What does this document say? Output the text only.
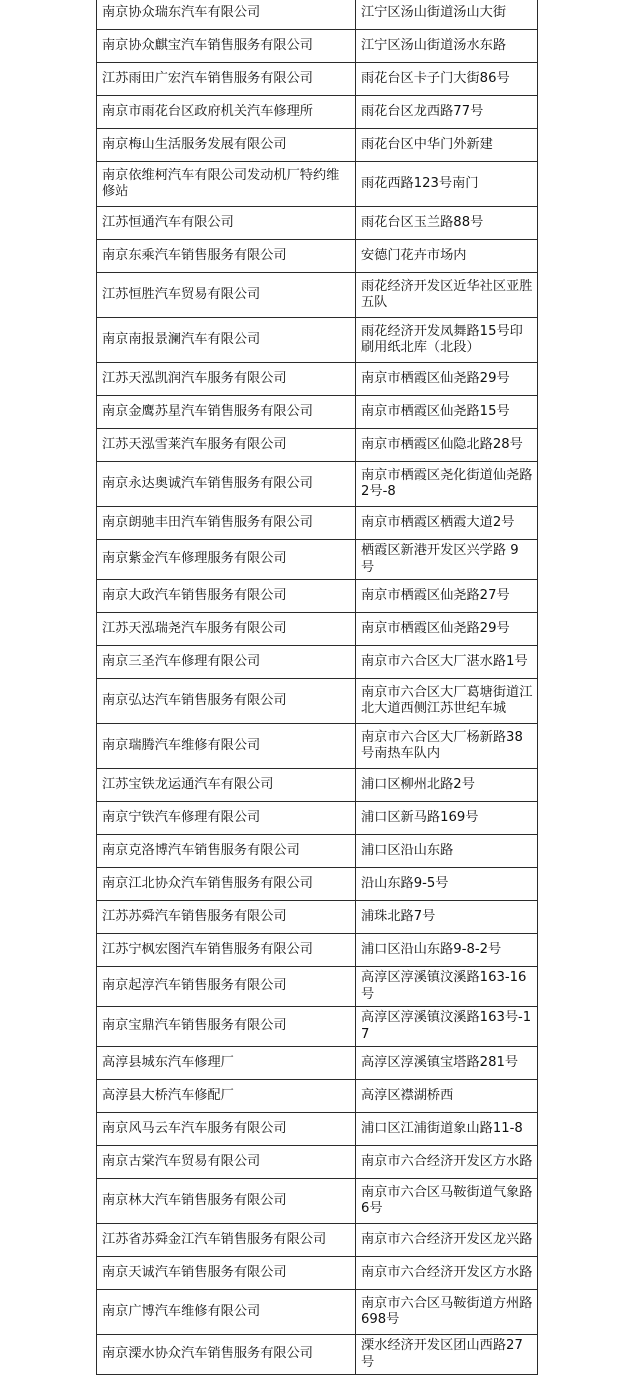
南京协众瑞东汽车有限公司	江宁区汤山街道汤山大街
南京协众麒宝汽车销售服务有限公司	江宁区汤山街道汤水东路
江苏雨田广宏汽车销售服务有限公司	雨花台区卡子门大街86号
南京市雨花台区政府机关汽车修理所	雨花台区龙西路77号
南京梅山生活服务发展有限公司	雨花台区中华门外新建
南京依维柯汽车有限公司发动机厂特约维修站	雨花西路123号南门
江苏恒通汽车有限公司	雨花台区玉兰路88号
南京东乘汽车销售服务有限公司	安德门花卉市场内
江苏恒胜汽车贸易有限公司	雨花经济开发区近华社区亚胜五队
南京南报景澜汽车有限公司	雨花经济开发凤舞路15号印刷用纸北库（北段）
江苏天泓凯润汽车服务有限公司	南京市栖霞区仙尧路29号
南京金鹰苏星汽车销售服务有限公司	南京市栖霞区仙尧路15号
江苏天泓雪莱汽车服务有限公司	南京市栖霞区仙隐北路28号
南京永达奥诚汽车销售服务有限公司	南京市栖霞区尧化街道仙尧路2号-8
南京朗驰丰田汽车销售服务有限公司	南京市栖霞区栖霞大道2号
南京紫金汽车修理服务有限公司	栖霞区新港开发区兴学路 9 号
南京大政汽车销售服务有限公司	南京市栖霞区仙尧路27号
江苏天泓瑞尧汽车服务有限公司	南京市栖霞区仙尧路29号
南京三圣汽车修理有限公司	南京市六合区大厂湛水路1号
南京弘达汽车销售服务有限公司	南京市六合区大厂葛塘街道江北大道西侧江苏世纪车城
南京瑞腾汽车维修有限公司	南京市六合区大厂杨新路38号南热车队内
江苏宝铁龙运通汽车有限公司	浦口区柳州北路2号
南京宁铁汽车修理有限公司	浦口区新马路169号
南京克洛博汽车销售服务有限公司	浦口区沿山东路
南京江北协众汽车销售服务有限公司	沿山东路9-5号
江苏苏舜汽车销售服务有限公司	浦珠北路7号
江苏宁枫宏图汽车销售服务有限公司	浦口区沿山东路9-8-2号
南京起淳汽车销售服务有限公司	高淳区淳溪镇汶溪路163-16号
南京宝鼎汽车销售服务有限公司	高淳区淳溪镇汶溪路163号-17
高淳县城东汽车修理厂	高淳区淳溪镇宝塔路281号
高淳县大桥汽车修配厂	高淳区襟湖桥西
南京风马云车汽车服务有限公司	浦口区江浦街道象山路11-8
南京古棠汽车贸易有限公司	南京市六合经济开发区方水路
南京林大汽车销售服务有限公司	南京市六合区马鞍街道气象路6号
江苏省苏舜金江汽车销售服务有限公司	南京市六合经济开发区龙兴路
南京天诚汽车销售服务有限公司	南京市六合经济开发区方水路
南京广博汽车维修有限公司	南京市六合区马鞍街道方州路698号
南京溧水协众汽车销售服务有限公司	溧水经济开发区团山西路27号
